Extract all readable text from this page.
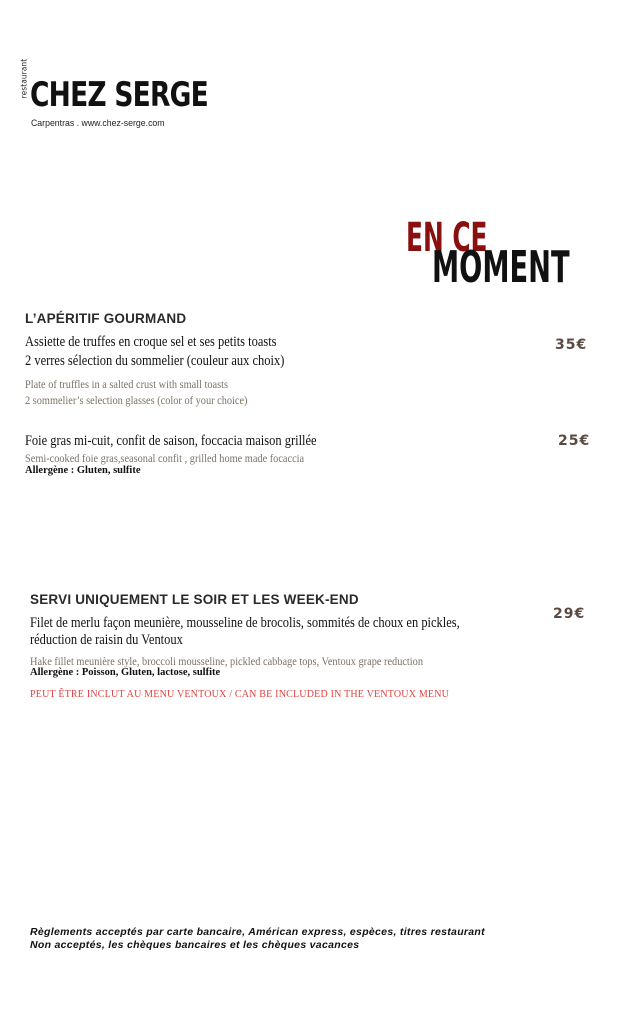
restaurant CHEZ SERGE
Carpentras . www.chez-serge.com
EN CE
MOMENT
L’APÉRITIF GOURMAND
Assiette de truffes en croque sel et ses petits toasts
2 verres sélection du sommelier (couleur aux choix)
Plate of truffles in a salted crust with small toasts
2 sommelier’s selection glasses (color of your choice)
35€
Foie gras mi-cuit, confit de saison, foccacia maison grillée
Semi-cooked foie gras,seasonal confit , grilled home made focaccia
Allergène : Gluten, sulfite
25€
SERVI UNIQUEMENT LE SOIR ET LES WEEK-END
Filet de merlu façon meunière, mousseline de brocolis, sommités de choux en pickles,
réduction de raisin du Ventoux
Hake fillet meunière style, broccoli mousseline, pickled cabbage tops, Ventoux grape reduction
Allergène : Poisson, Gluten, lactose, sulfite
29€
PEUT ÊTRE INCLUT AU MENU VENTOUX / CAN BE INCLUDED IN THE VENTOUX MENU
Règlements acceptés par carte bancaire, Américan express, espèces, titres restaurant
Non acceptés, les chèques bancaires et les chèques vacances
